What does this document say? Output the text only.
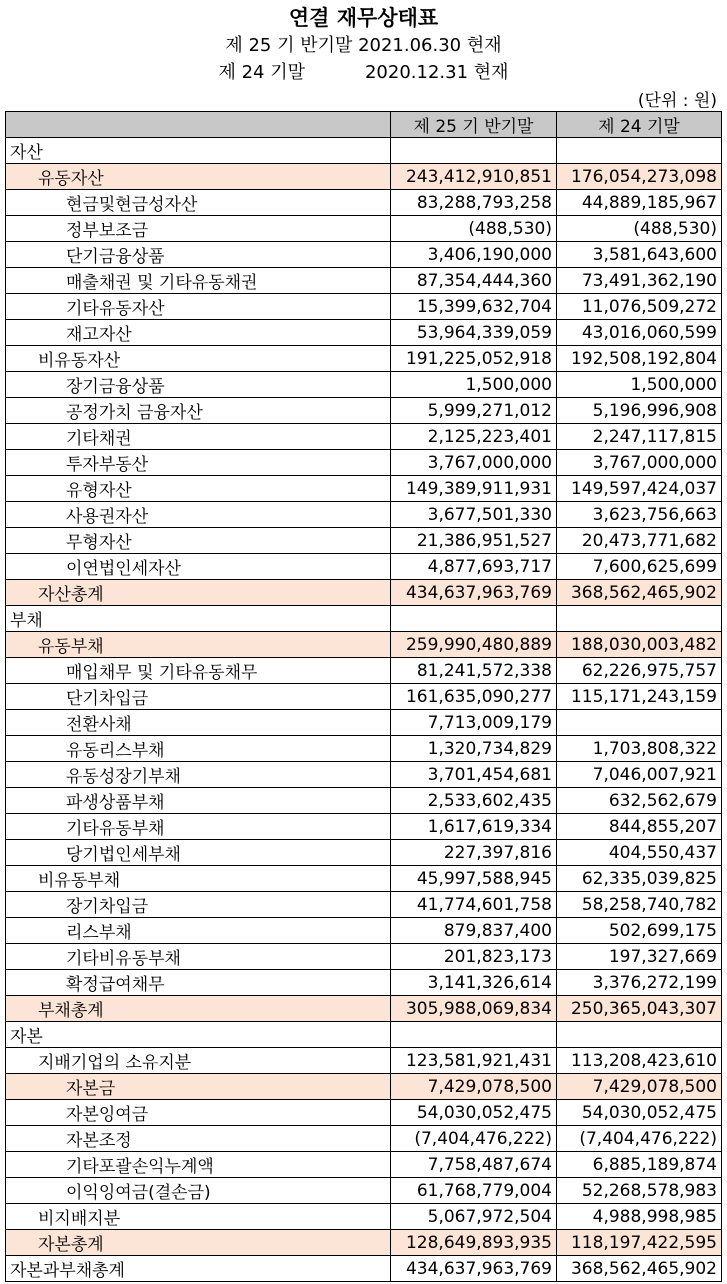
연결 재무상태표
제 25 기 반기말 2021.06.30 현재
제 24 기말	2020.12.31 현재
(단위 : 원)
	제 25 기 반기말	제 24 기말
자산		
유동자산	243,412,910,851	176,054,273,098
현금및현금성자산	83,288,793,258	44,889,185,967
정부보조금	(488,530)	(488,530)
단기금융상품	3,406,190,000	3,581,643,600
매출채권 및 기타유동채권	87,354,444,360	73,491,362,190
기타유동자산	15,399,632,704	11,076,509,272
재고자산	53,964,339,059	43,016,060,599
비유동자산	191,225,052,918	192,508,192,804
장기금융상품	1,500,000	1,500,000
공정가치 금융자산	5,999,271,012	5,196,996,908
기타채권	2,125,223,401	2,247,117,815
투자부동산	3,767,000,000	3,767,000,000
유형자산	149,389,911,931	149,597,424,037
사용권자산	3,677,501,330	3,623,756,663
무형자산	21,386,951,527	20,473,771,682
이연법인세자산	4,877,693,717	7,600,625,699
자산총계	434,637,963,769	368,562,465,902
부채		
유동부채	259,990,480,889	188,030,003,482
매입채무 및 기타유동채무	81,241,572,338	62,226,975,757
단기차입금	161,635,090,277	115,171,243,159
전환사채	7,713,009,179	
유동리스부채	1,320,734,829	1,703,808,322
유동성장기부채	3,701,454,681	7,046,007,921
파생상품부채	2,533,602,435	632,562,679
기타유동부채	1,617,619,334	844,855,207
당기법인세부채	227,397,816	404,550,437
비유동부채	45,997,588,945	62,335,039,825
장기차입금	41,774,601,758	58,258,740,782
리스부채	879,837,400	502,699,175
기타비유동부채	201,823,173	197,327,669
확정급여채무	3,141,326,614	3,376,272,199
부채총계	305,988,069,834	250,365,043,307
자본		
지배기업의 소유지분	123,581,921,431	113,208,423,610
자본금	7,429,078,500	7,429,078,500
자본잉여금	54,030,052,475	54,030,052,475
자본조정	(7,404,476,222)	(7,404,476,222)
기타포괄손익누계액	7,758,487,674	6,885,189,874
이익잉여금(결손금)	61,768,779,004	52,268,578,983
비지배지분	5,067,972,504	4,988,998,985
자본총계	128,649,893,935	118,197,422,595
자본과부채총계	434,637,963,769	368,562,465,902
